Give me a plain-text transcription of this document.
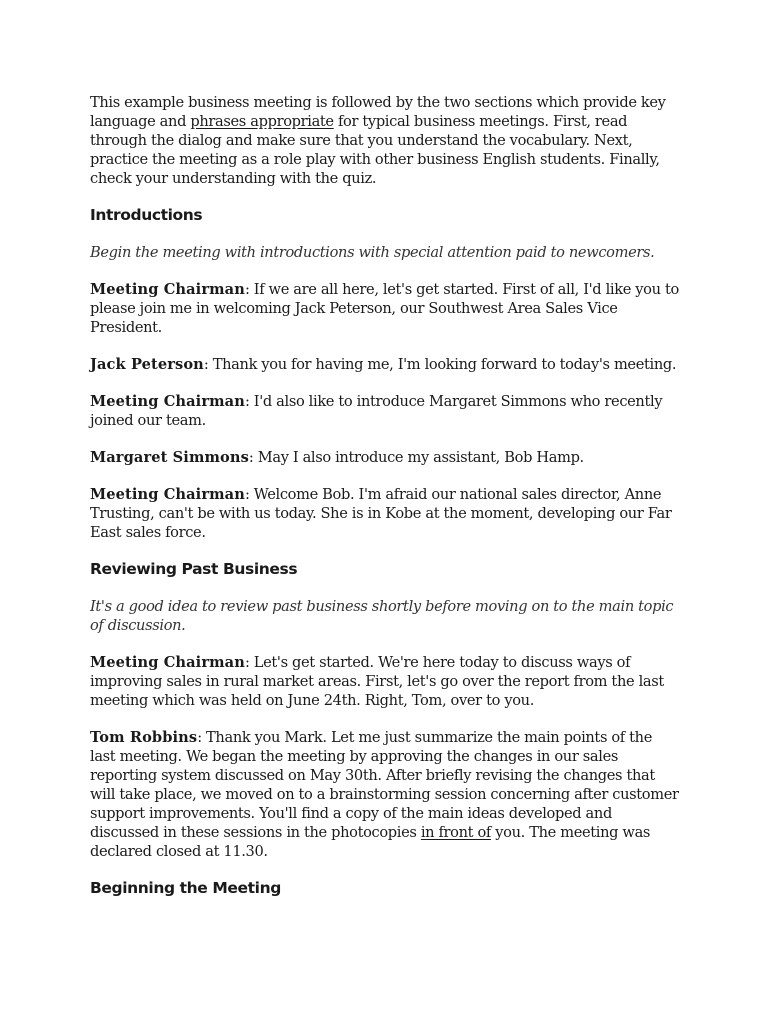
This example business meeting is followed by the two sections which provide key language and phrases appropriate for typical business meetings. First, read through the dialog and make sure that you understand the vocabulary. Next, practice the meeting as a role play with other business English students. Finally, check your understanding with the quiz.

Introductions

Begin the meeting with introductions with special attention paid to newcomers.

Meeting Chairman: If we are all here, let's get started. First of all, I'd like you to please join me in welcoming Jack Peterson, our Southwest Area Sales Vice President.

Jack Peterson: Thank you for having me, I'm looking forward to today's meeting.

Meeting Chairman: I'd also like to introduce Margaret Simmons who recently joined our team.

Margaret Simmons: May I also introduce my assistant, Bob Hamp.

Meeting Chairman: Welcome Bob. I'm afraid our national sales director, Anne Trusting, can't be with us today. She is in Kobe at the moment, developing our Far East sales force.

Reviewing Past Business

It's a good idea to review past business shortly before moving on to the main topic of discussion.

Meeting Chairman: Let's get started. We're here today to discuss ways of improving sales in rural market areas. First, let's go over the report from the last meeting which was held on June 24th. Right, Tom, over to you.

Tom Robbins: Thank you Mark. Let me just summarize the main points of the last meeting. We began the meeting by approving the changes in our sales reporting system discussed on May 30th. After briefly revising the changes that will take place, we moved on to a brainstorming session concerning after customer support improvements. You'll find a copy of the main ideas developed and discussed in these sessions in the photocopies in front of you. The meeting was declared closed at 11.30.

Beginning the Meeting
